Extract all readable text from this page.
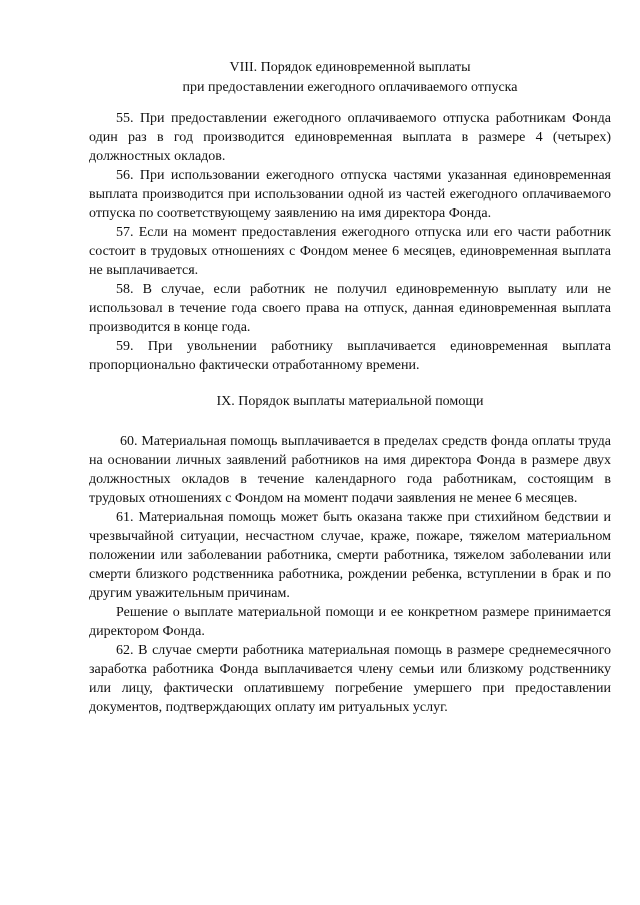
VIII. Порядок единовременной выплаты

при предоставлении ежегодного оплачиваемого отпуска

55. При предоставлении ежегодного оплачиваемого отпуска работникам Фонда один раз в год производится единовременная выплата в размере 4 (четырех) должностных окладов.

56. При использовании ежегодного отпуска частями указанная единовременная выплата производится при использовании одной из частей ежегодного оплачиваемого отпуска по соответствующему заявлению на имя директора Фонда.

57. Если на момент предоставления ежегодного отпуска или его части работник состоит в трудовых отношениях с Фондом менее 6 месяцев, единовременная выплата не выплачивается.

58. В случае, если работник не получил единовременную выплату или не использовал в течение года своего права на отпуск, данная единовременная выплата производится в конце года.

59. При увольнении работнику выплачивается единовременная выплата пропорционально фактически отработанному времени.

IX. Порядок выплаты материальной помощи

60. Материальная помощь выплачивается в пределах средств фонда оплаты труда на основании личных заявлений работников на имя директора Фонда в размере двух должностных окладов в течение календарного года работникам, состоящим в трудовых отношениях с Фондом на момент подачи заявления не менее 6 месяцев.

61. Материальная помощь может быть оказана также при стихийном бедствии и чрезвычайной ситуации, несчастном случае, краже, пожаре, тяжелом материальном положении или заболевании работника, смерти работника, тяжелом заболевании или смерти близкого родственника работника, рождении ребенка, вступлении в брак и по другим уважительным причинам.

Решение о выплате материальной помощи и ее конкретном размере принимается директором Фонда.

62. В случае смерти работника материальная помощь в размере среднемесячного заработка работника Фонда выплачивается члену семьи или близкому родственнику или лицу, фактически оплатившему погребение умершего при предоставлении документов, подтверждающих оплату им ритуальных услуг.
